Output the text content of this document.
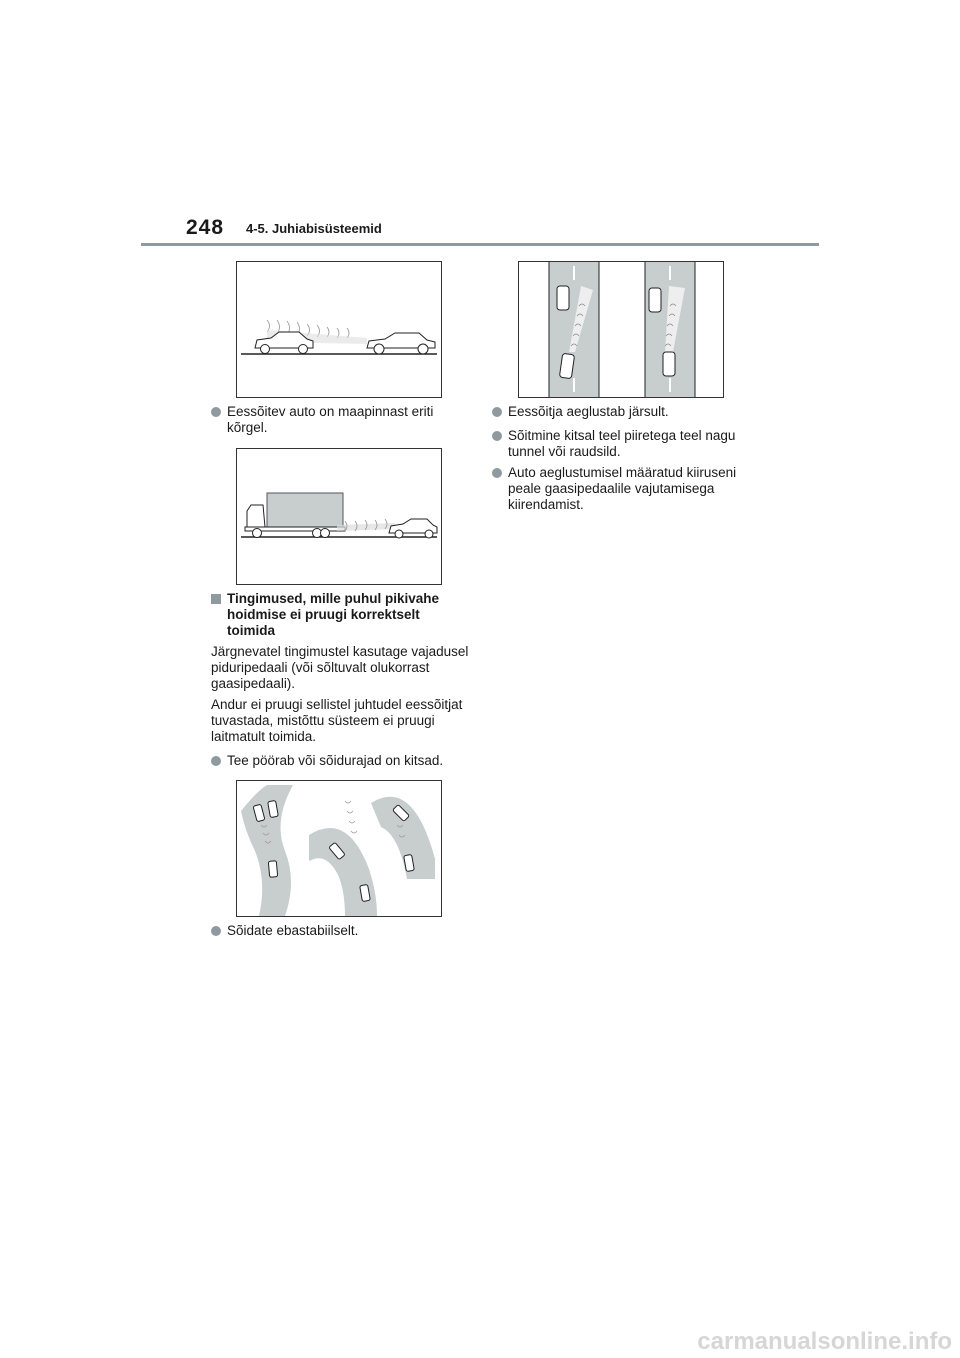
248 4-5. Juhiabisüsteemid
Eessõitev auto on maapinnast eriti kõrgel.
Tingimused, mille puhul pikivahe hoidmise ei pruugi korrektselt toimida
Järgnevatel tingimustel kasutage vajadusel piduripedaali (või sõltuvalt olukorrast gaasipedaali).
Andur ei pruugi sellistel juhtudel eessõitjat tuvastada, mistõttu süsteem ei pruugi laitmatult toimida.
Tee pöörab või sõidurajad on kitsad.
Sõidate ebastabiilselt.
Eessõitja aeglustab järsult.
Sõitmine kitsal teel piiretega teel nagu tunnel või raudsild.
Auto aeglustumisel määratud kiiruseni peale gaasipedaalile vajutamisega kiirendamist.
carmanualsonline.info
